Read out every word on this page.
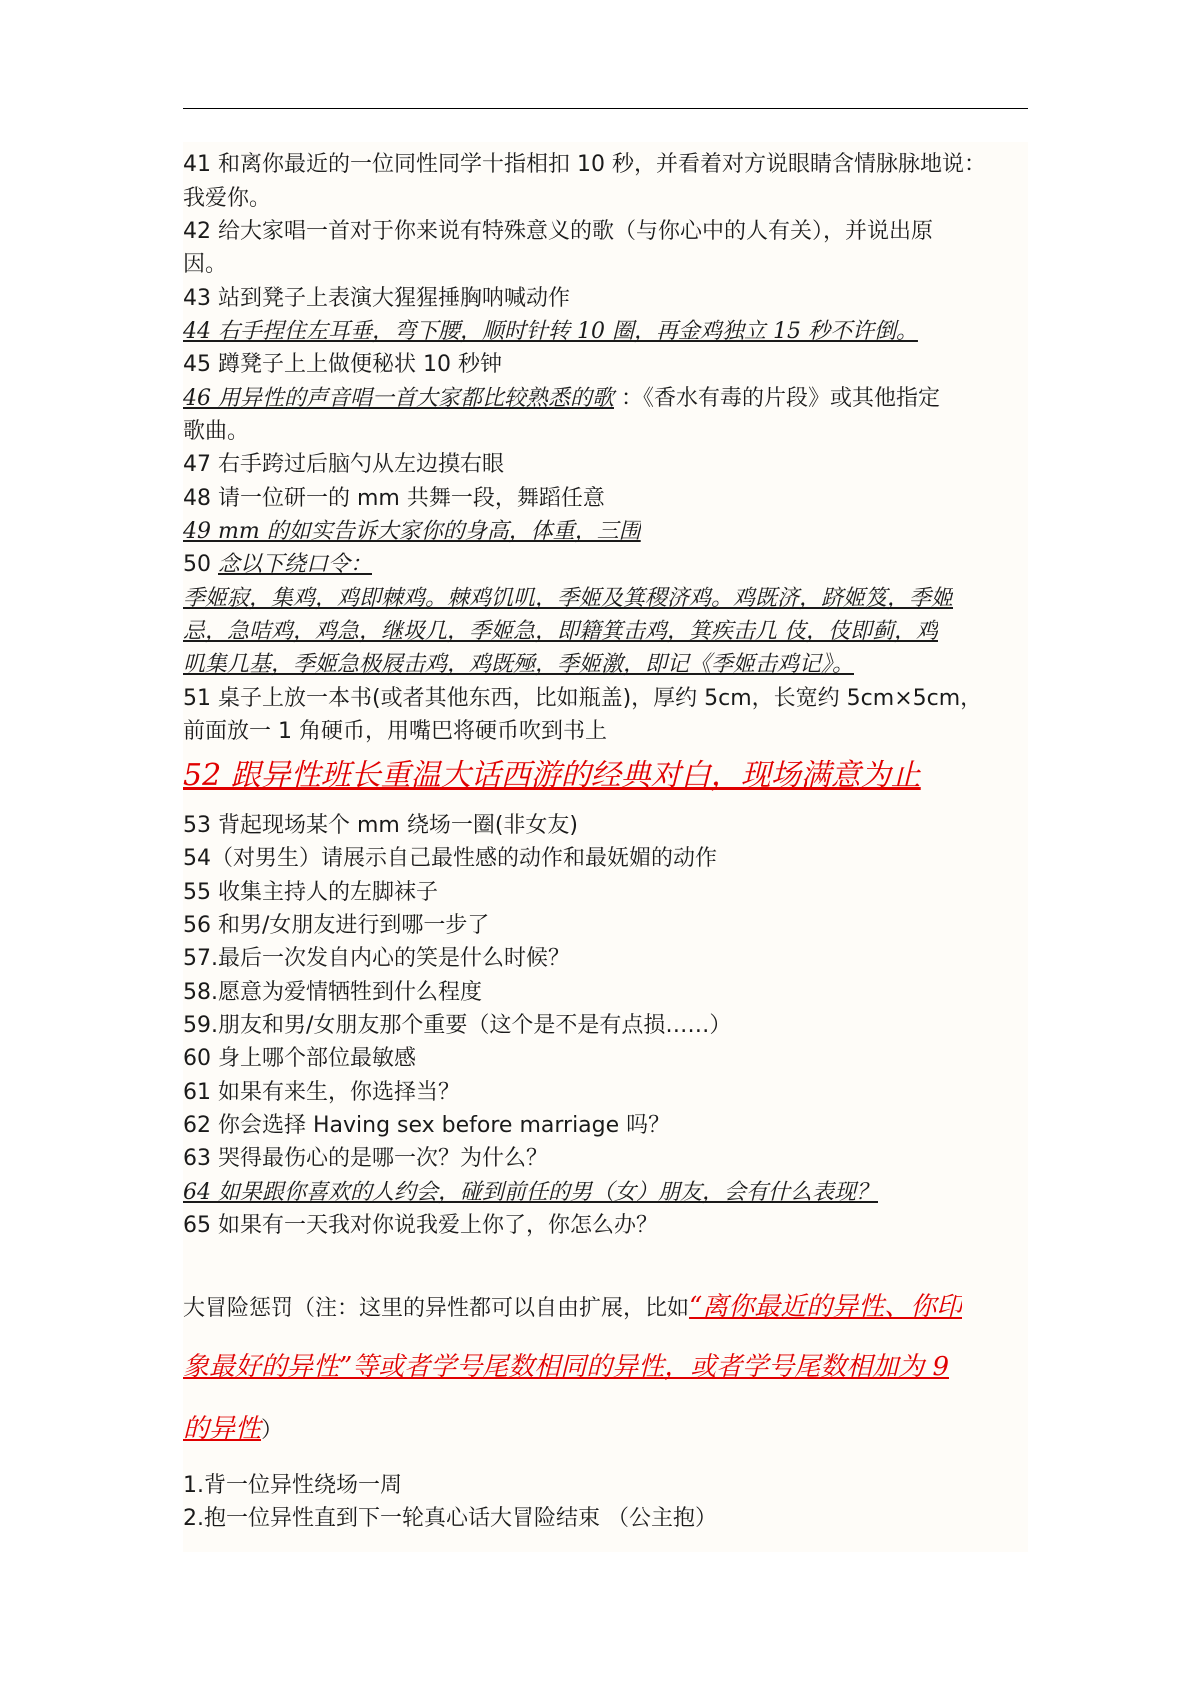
41 和离你最近的一位同性同学十指相扣 10 秒，并看着对方说眼睛含情脉脉地说：
我爱你。
42 给大家唱一首对于你来说有特殊意义的歌（与你心中的人有关），并说出原
因。
43 站到凳子上表演大猩猩捶胸呐喊动作
44 右手捏住左耳垂，弯下腰，顺时针转 10 圈，再金鸡独立 15 秒不许倒。
45 蹲凳子上上做便秘状 10 秒钟
46 用异性的声音唱一首大家都比较熟悉的歌 ：《香水有毒的片段》或其他指定
歌曲。
47 右手跨过后脑勺从左边摸右眼
48 请一位研一的 mm 共舞一段，舞蹈任意
49 mm 的如实告诉大家你的身高，体重，三围
50 念以下绕口令：
季姬寂，集鸡，鸡即棘鸡。棘鸡饥叽，季姬及箕稷济鸡。鸡既济，跻姬笈，季姬
忌，急咭鸡，鸡急，继圾几，季姬急，即籍箕击鸡，箕疾击几 伎，伎即蓟，鸡
叽集几基，季姬急极屐击鸡，鸡既殛，季姬激，即记《季姬击鸡记》。
51 桌子上放一本书(或者其他东西，比如瓶盖)，厚约 5cm，长宽约 5cm×5cm，
前面放一 1 角硬币，用嘴巴将硬币吹到书上
52 跟异性班长重温大话西游的经典对白，现场满意为止
53 背起现场某个 mm 绕场一圈(非女友)
54（对男生）请展示自己最性感的动作和最妩媚的动作
55 收集主持人的左脚袜子
56 和男/女朋友进行到哪一步了
57.最后一次发自内心的笑是什么时候？
58.愿意为爱情牺牲到什么程度
59.朋友和男/女朋友那个重要（这个是不是有点损……）
60 身上哪个部位最敏感
61 如果有来生，你选择当？
62 你会选择 Having sex before marriage 吗？
63 哭得最伤心的是哪一次？为什么？
64 如果跟你喜欢的人约会，碰到前任的男（女）朋友，会有什么表现？
65 如果有一天我对你说我爱上你了，你怎么办？
大冒险惩罚（注：这里的异性都可以自由扩展，比如“离你最近的异性、你印
象最好的异性”等或者学号尾数相同的异性，或者学号尾数相加为 9
的异性）
1.背一位异性绕场一周
2.抱一位异性直到下一轮真心话大冒险结束 （公主抱）
